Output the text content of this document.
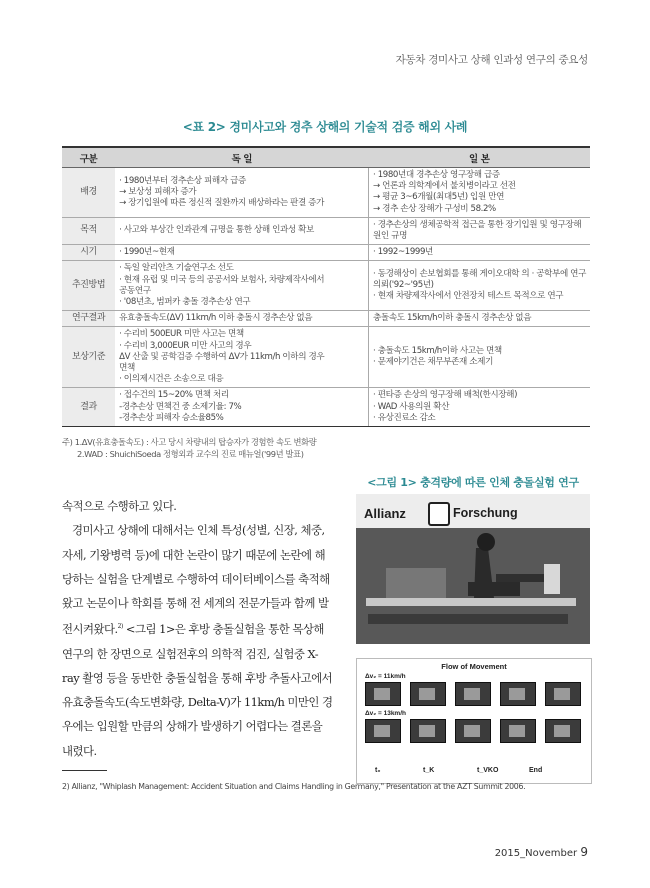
자동차 경미사고 상해 인과성 연구의 중요성
<표 2> 경미사고와 경추 상해의 기술적 검증 해외 사례
구분	독 일	일 본
배경	· 1980년부터 경추손상 피해자 급증
→ 보상성 피해자 증가
→ 장기입원에 따른 정신적 질환까지 배상하라는 판결 증가	· 1980년대 경추손상 영구장해 급증
→ 언론과 의학계에서 불치병이라고 선전
→ 평균 3~6개월(최대5년) 입원 만연
→ 경추 손상 장해가 구성비 58.2%

목적	· 사고와 부상간 인과관계 규명을 통한 상해 인과성 확보	· 경추손상의 생체공학적 접근을 통한 장기입원 및 영구장해
원인 규명

시기	· 1990년~현재	· 1992~1999년

추진방법	· 독일 알리안츠 기술연구소 선도
· 현재 유럽 및 미국 등의 공공서와 보험사, 차량제작사에서
공동연구
· '08년초, 범퍼카 충돌 경추손상 연구	· 동경해상이 손보협회를 통해 게이오대학 의 · 공학부에 연구
의뢰('92~'95년)
· 현재 차량제작사에서 안전장치 테스트 목적으로 연구

연구결과	유효충돌속도(ΔV) 11km/h 이하 충돌시 경추손상 없음	충돌속도 15km/h이하 충돌시 경추손상 없음

보상기준	· 수리비 500EUR 미만 사고는 면책
· 수리비 3,000EUR 미만 사고의 경우
ΔV 산출 및 공학검증 수행하여 ΔV가 11km/h 이하의 경우
면책
· 이의제시건은 소송으로 대응	· 충돌속도 15km/h이하 사고는 면책
· 문제야기건은 채무부존재 소제기

결과	· 접수건의 15~20% 면책 처리
-경추손상 면책건 중 소제기율: 7%
-경추손상 피해자 승소율85%	· 편타증 손상의 영구장해 배척(한시장해)
· WAD 사용의원 확산
· 유상진료소 감소
주) 1.ΔV(유효충돌속도) : 사고 당시 차량내의 탑승자가 경험한 속도 변화량
2.WAD : ShuichiSoeda 정형외과 교수의 진료 매뉴얼('99년 발표)
<그림 1> 충격량에 따른 인체 충돌실험 연구

속적으로 수행하고 있다.

경미사고 상해에 대해서는 인체 특성(성별, 신장, 체중, 자세, 기왕병력 등)에 대한 논란이 많기 때문에 논란에 해당하는 실험을 단계별로 수행하여 데이터베이스를 축적해왔고 논문이나 학회를 통해 전 세계의 전문가들과 함께 발전시켜왔다.$^{2)}$ <그림 1>은 후방 충돌실험을 통한 목상해 연구의 한 장면으로 실험전후의 의학적 검진, 실험중 X-ray 촬영 등을 동반한 충돌실험을 통해 후방 추돌사고에서 유효충돌속도(속도변화량, Delta-V)가 11km/h 미만인 경우에는 입원할 만큼의 상해가 발생하기 어렵다는 결론을 내렸다.

Allianz	Forschung
Flow of Movement
Δv₂ = 11km/h
Δv₂ = 13km/h
t₀	t_K	t_VKO	End
2) Allianz, "Whiplash Management: Accident Situation and Claims Handling in Germany," Presentation at the AZT Summit 2006.
2015_November 9
